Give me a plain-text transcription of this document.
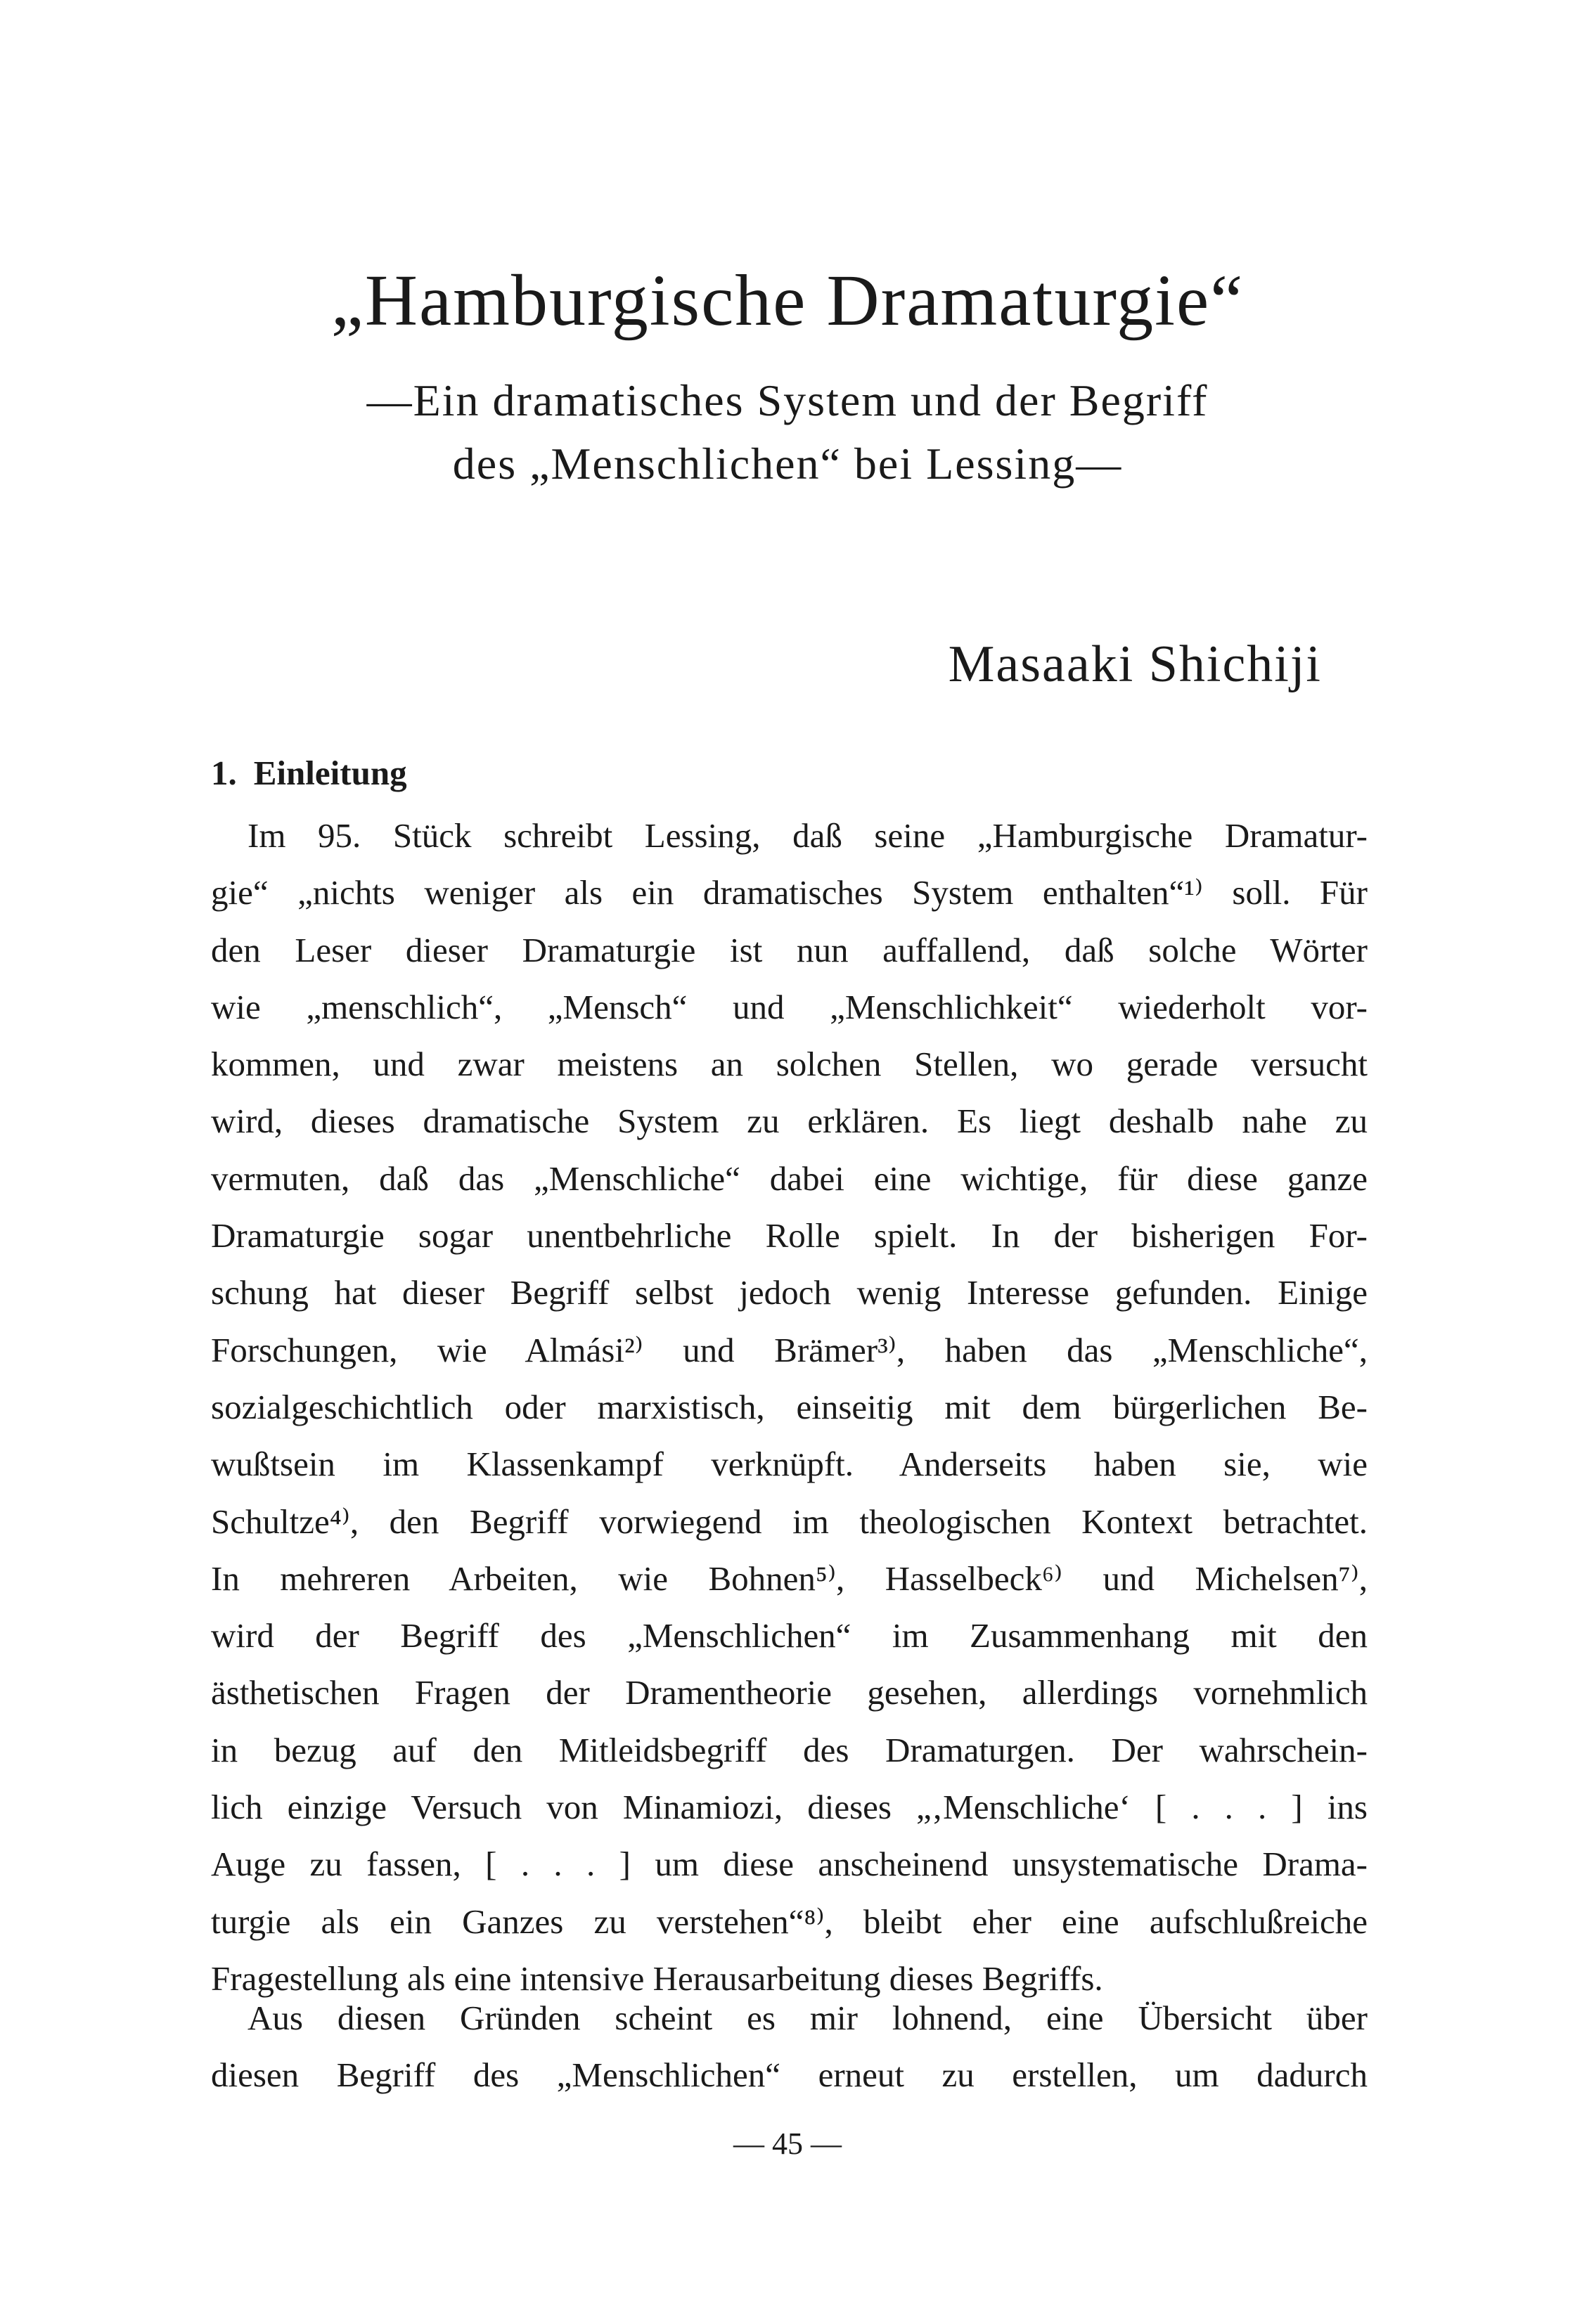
„Hamburgische Dramaturgie“
—Ein dramatisches System und der Begriff
des „Menschlichen“ bei Lessing—
Masaaki Shichiji
1. Einleitung
Im 95. Stück schreibt Lessing, daß seine „Hamburgische Dramatur-
gie“ „nichts weniger als ein dramatisches System enthalten“¹⁾ soll. Für
den Leser dieser Dramaturgie ist nun auffallend, daß solche Wörter
wie „menschlich“, „Mensch“ und „Menschlichkeit“ wiederholt vor-
kommen, und zwar meistens an solchen Stellen, wo gerade versucht
wird, dieses dramatische System zu erklären. Es liegt deshalb nahe zu
vermuten, daß das „Menschliche“ dabei eine wichtige, für diese ganze
Dramaturgie sogar unentbehrliche Rolle spielt. In der bisherigen For-
schung hat dieser Begriff selbst jedoch wenig Interesse gefunden. Einige
Forschungen, wie Almási²⁾ und Brämer³⁾, haben das „Menschliche“,
sozialgeschichtlich oder marxistisch, einseitig mit dem bürgerlichen Be-
wußtsein im Klassenkampf verknüpft. Anderseits haben sie, wie
Schultze⁴⁾, den Begriff vorwiegend im theologischen Kontext betrachtet.
In mehreren Arbeiten, wie Bohnen⁵⁾, Hasselbeck⁶⁾ und Michelsen⁷⁾,
wird der Begriff des „Menschlichen“ im Zusammenhang mit den
ästhetischen Fragen der Dramentheorie gesehen, allerdings vornehmlich
in bezug auf den Mitleidsbegriff des Dramaturgen. Der wahrschein-
lich einzige Versuch von Minamiozi, dieses „‚Menschliche‘ [ . . . ] ins
Auge zu fassen, [ . . . ] um diese anscheinend unsystematische Drama-
turgie als ein Ganzes zu verstehen“⁸⁾, bleibt eher eine aufschlußreiche
Fragestellung als eine intensive Herausarbeitung dieses Begriffs.
Aus diesen Gründen scheint es mir lohnend, eine Übersicht über
diesen Begriff des „Menschlichen“ erneut zu erstellen, um dadurch
— 45 —
